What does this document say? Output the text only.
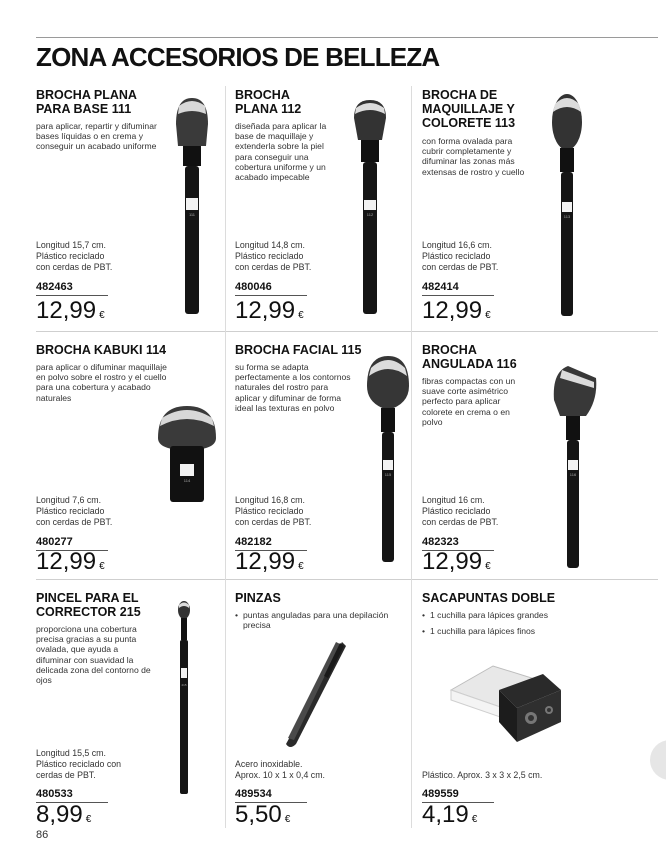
ZONA ACCESORIOS DE BELLEZA
BROCHA PLANA PARA BASE 111

para aplicar, repartir y difuminar bases líquidas o en crema y conseguir un acabado uniforme

Longitud 15,7 cm.
Plástico reciclado
con cerdas de PBT.

482463
12,99 €
111
BROCHA PLANA 112

diseñada para aplicar la base de maquillaje y extenderla sobre la piel para conseguir una cobertura uniforme y un acabado impecable

Longitud 14,8 cm.
Plástico reciclado
con cerdas de PBT.

480046
12,99 €
112
BROCHA DE MAQUILLAJE Y COLORETE 113

con forma ovalada para cubrir completamente y difuminar las zonas más extensas de rostro y cuello

Longitud 16,6 cm.
Plástico reciclado
con cerdas de PBT.

482414
12,99 €
113
BROCHA KABUKI 114

para aplicar o difuminar maquillaje en polvo sobre el rostro y el cuello para una cobertura y acabado naturales

Longitud 7,6 cm.
Plástico reciclado
con cerdas de PBT.

480277
12,99 €
114
BROCHA FACIAL 115

su forma se adapta perfectamente a los contornos naturales del rostro para aplicar y difuminar de forma ideal las texturas en polvo

Longitud 16,8 cm.
Plástico reciclado
con cerdas de PBT.

482182
12,99 €
115
BROCHA ANGULADA 116

fibras compactas con un suave corte asimétrico perfecto para aplicar colorete en crema o en polvo

Longitud 16 cm.
Plástico reciclado
con cerdas de PBT.

482323
12,99 €
116
PINCEL PARA EL CORRECTOR 215

proporciona una cobertura precisa gracias a su punta ovalada, que ayuda a difuminar con suavidad la delicada zona del contorno de ojos

Longitud 15,5 cm.
Plástico reciclado con
cerdas de PBT.

480533
8,99 €
215
PINZAS
• puntas anguladas para una depilación precisa

Acero inoxidable.
Aprox. 10 x 1 x 0,4 cm.

489534
5,50 €
SACAPUNTAS DOBLE
• 1 cuchilla para lápices grandes
• 1 cuchilla para lápices finos

Plástico. Aprox. 3 x 3 x 2,5 cm.

489559
4,19 €
86
